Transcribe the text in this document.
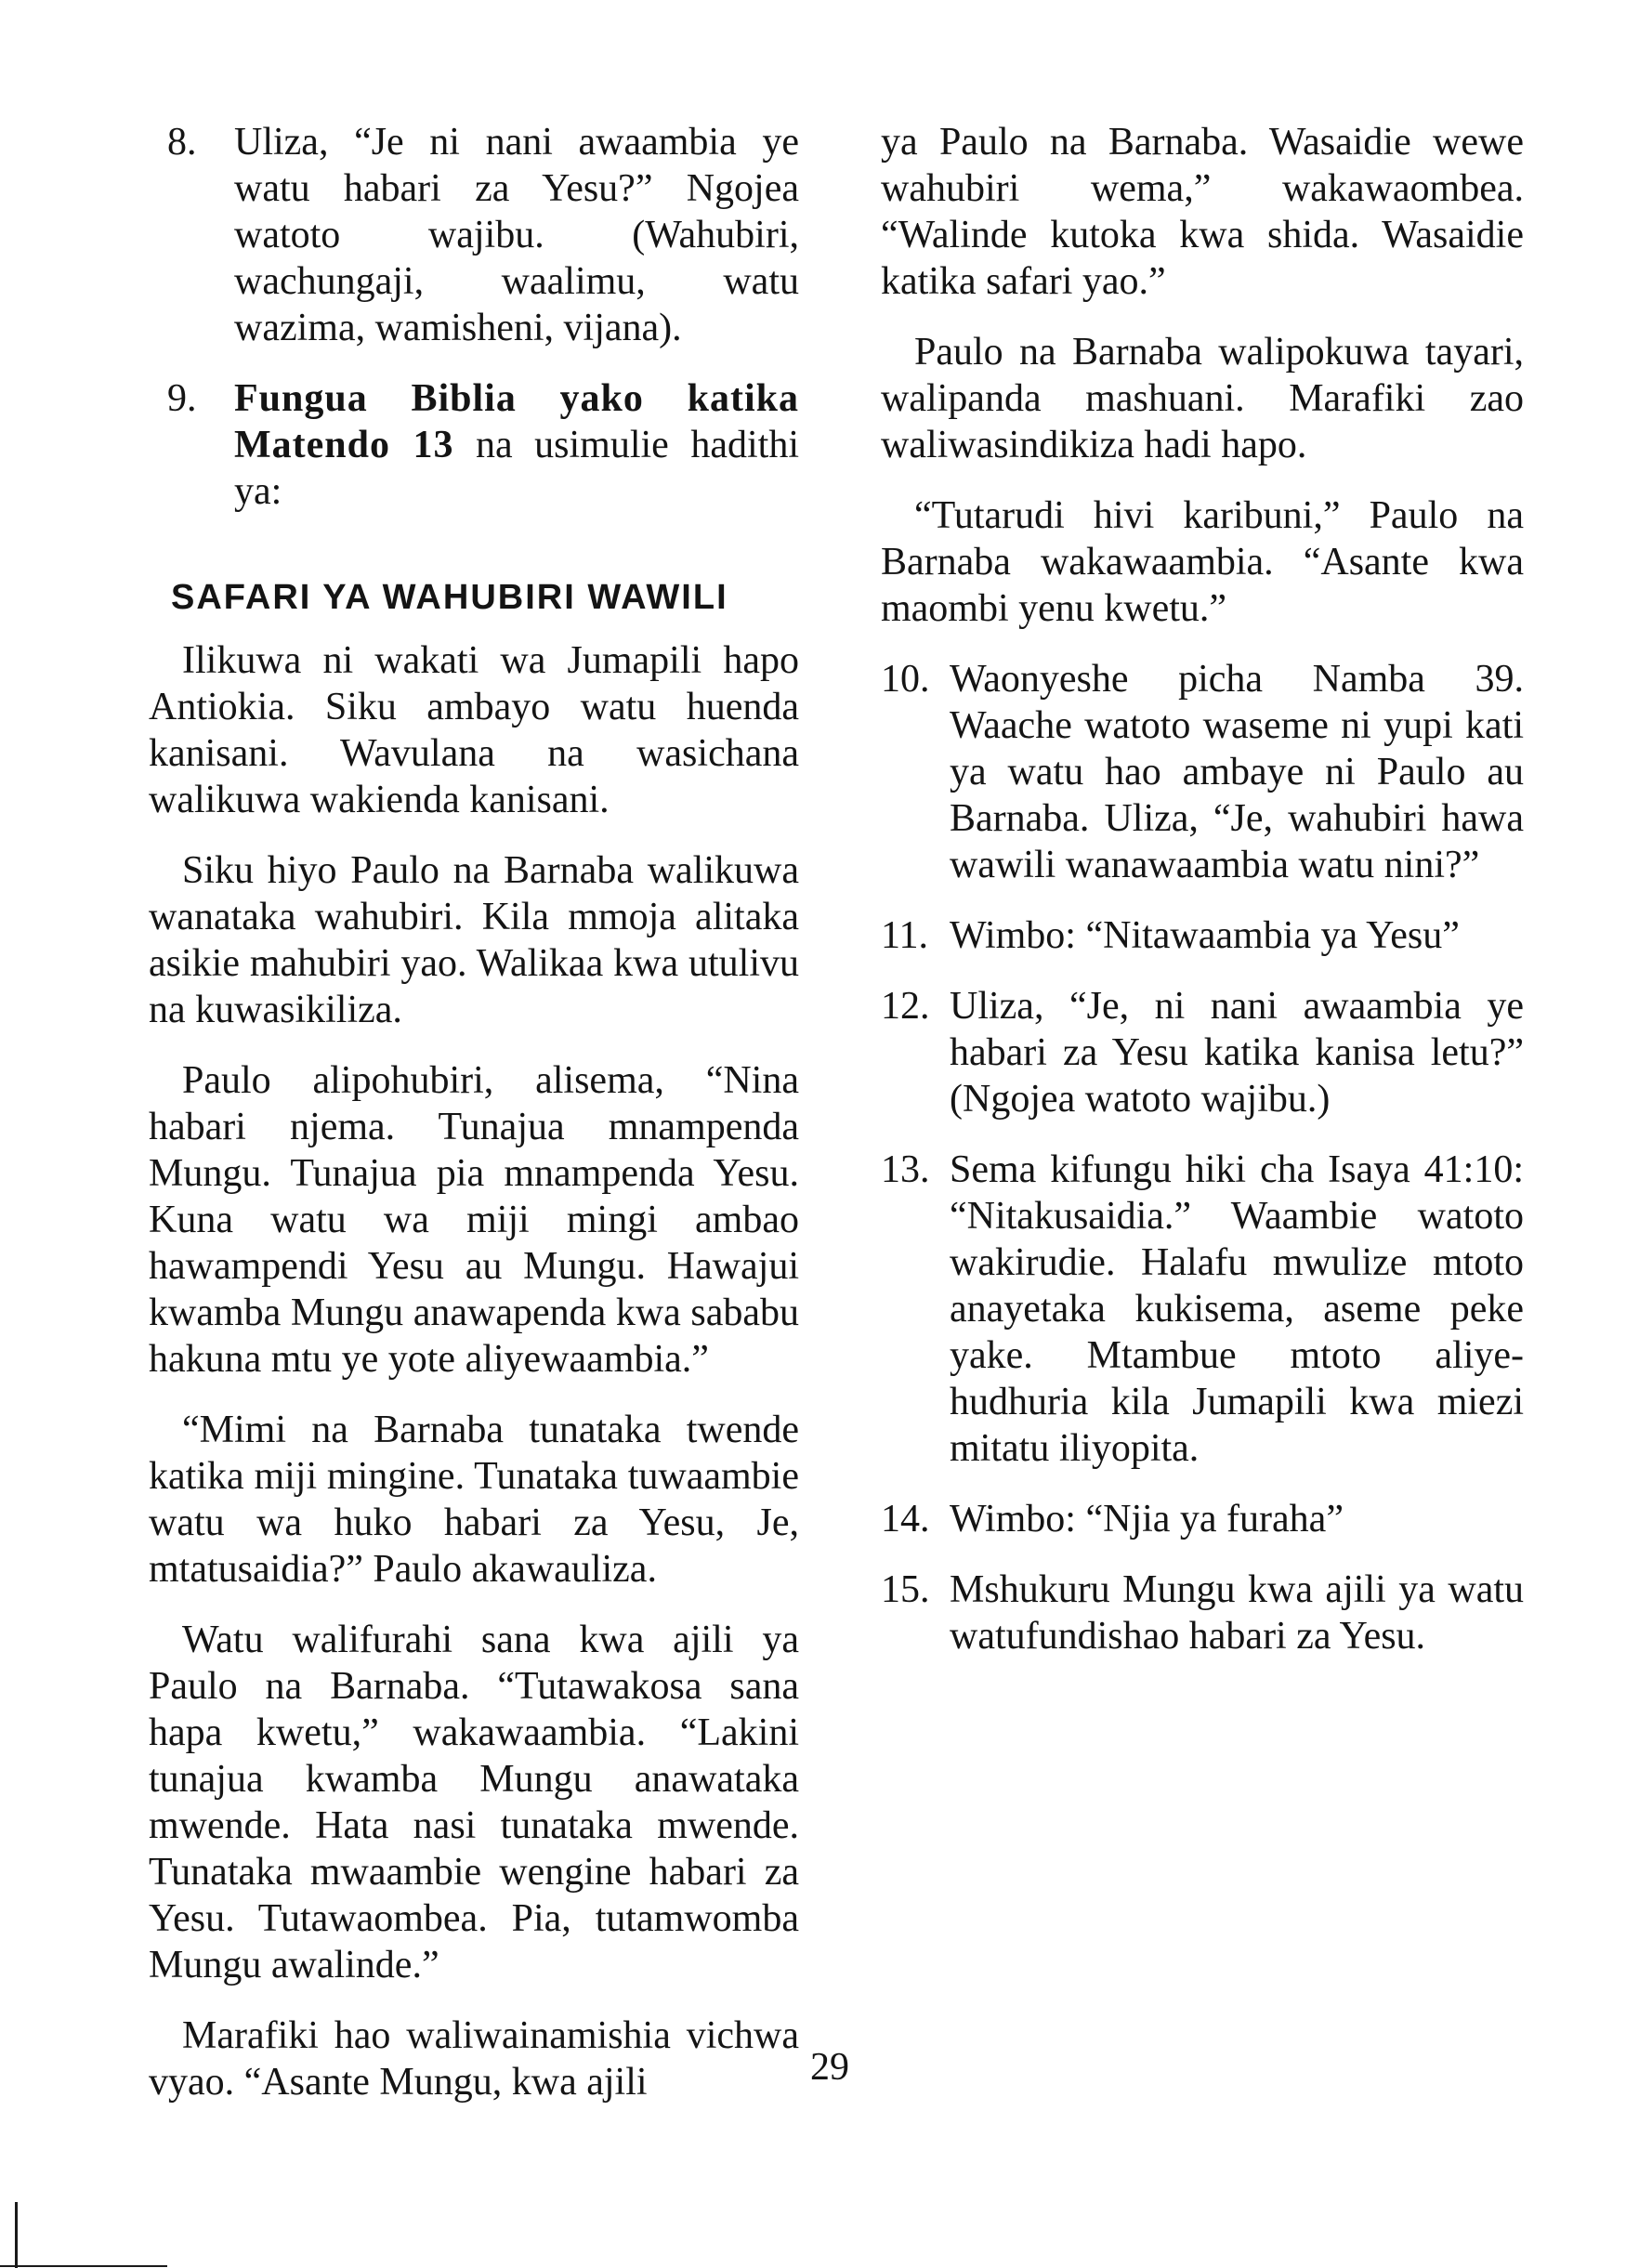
8. Uliza, “Je ni nani awaambia ye watu habari za Yesu?” Ngojea watoto wajibu. (Wahubiri, wachungaji, waalimu, watu wazima, wamisheni, vijana).

9. Fungua Biblia yako katika Matendo 13 na usimulie hadithi ya:

SAFARI YA WAHUBIRI WAWILI

Ilikuwa ni wakati wa Jumapili hapo Antiokia. Siku ambayo watu huenda kanisani. Wavulana na wasichana walikuwa wakienda kanisani.

Siku hiyo Paulo na Barnaba walikuwa wanataka wahubiri. Kila mmoja alitaka asikie mahubiri yao. Walikaa kwa utulivu na kuwasikiliza.

Paulo alipohubiri, alisema, “Nina habari njema. Tunajua mnampenda Mungu. Tunajua pia mnampenda Yesu. Kuna watu wa miji mingi ambao hawampendi Yesu au Mungu. Hawajui kwamba Mungu anawapenda kwa sababu hakuna mtu ye yote aliyewaambia.”

“Mimi na Barnaba tunataka twende katika miji mingine. Tunataka tuwaambie watu wa huko habari za Yesu, Je, mtatusaidia?” Paulo akawauliza.

Watu walifurahi sana kwa ajili ya Paulo na Barnaba. “Tutawakosa sana hapa kwetu,” wakawaambia. “Lakini tunajua kwamba Mungu anawataka mwende. Hata nasi tunataka mwende. Tunataka mwaambie wengine habari za Yesu. Tutawaombea. Pia, tutamwomba Mungu awalinde.”

Marafiki hao waliwainamishia vichwa vyao. “Asante Mungu, kwa ajili

ya Paulo na Barnaba. Wasaidie wewe wahubiri wema,” wakawaombea. “Walinde kutoka kwa shida. Wasaidie katika safari yao.”

Paulo na Barnaba walipokuwa tayari, walipanda mashuani. Marafiki zao waliwasindikiza hadi hapo.

“Tutarudi hivi karibuni,” Paulo na Barnaba wakawaambia. “Asante kwa maombi yenu kwetu.”

10. Waonyeshe picha Namba 39. Waache watoto waseme ni yupi kati ya watu hao ambaye ni Paulo au Barnaba. Uliza, “Je, wahubiri hawa wawili wanawaambia watu nini?”

11. Wimbo: “Nitawaambia ya Yesu”

12. Uliza, “Je, ni nani awaambia ye habari za Yesu katika kanisa letu?” (Ngojea watoto wajibu.)

13. Sema kifungu hiki cha Isaya 41:10: “Nitakusaidia.” Waambie watoto wakirudie. Halafu mwulize mtoto anayetaka kukisema, aseme peke yake. Mtambue mtoto aliye-hudhuria kila Jumapili kwa miezi mitatu iliyopita.

14. Wimbo: “Njia ya furaha”

15. Mshukuru Mungu kwa ajili ya watu watufundishao habari za Yesu.

29
